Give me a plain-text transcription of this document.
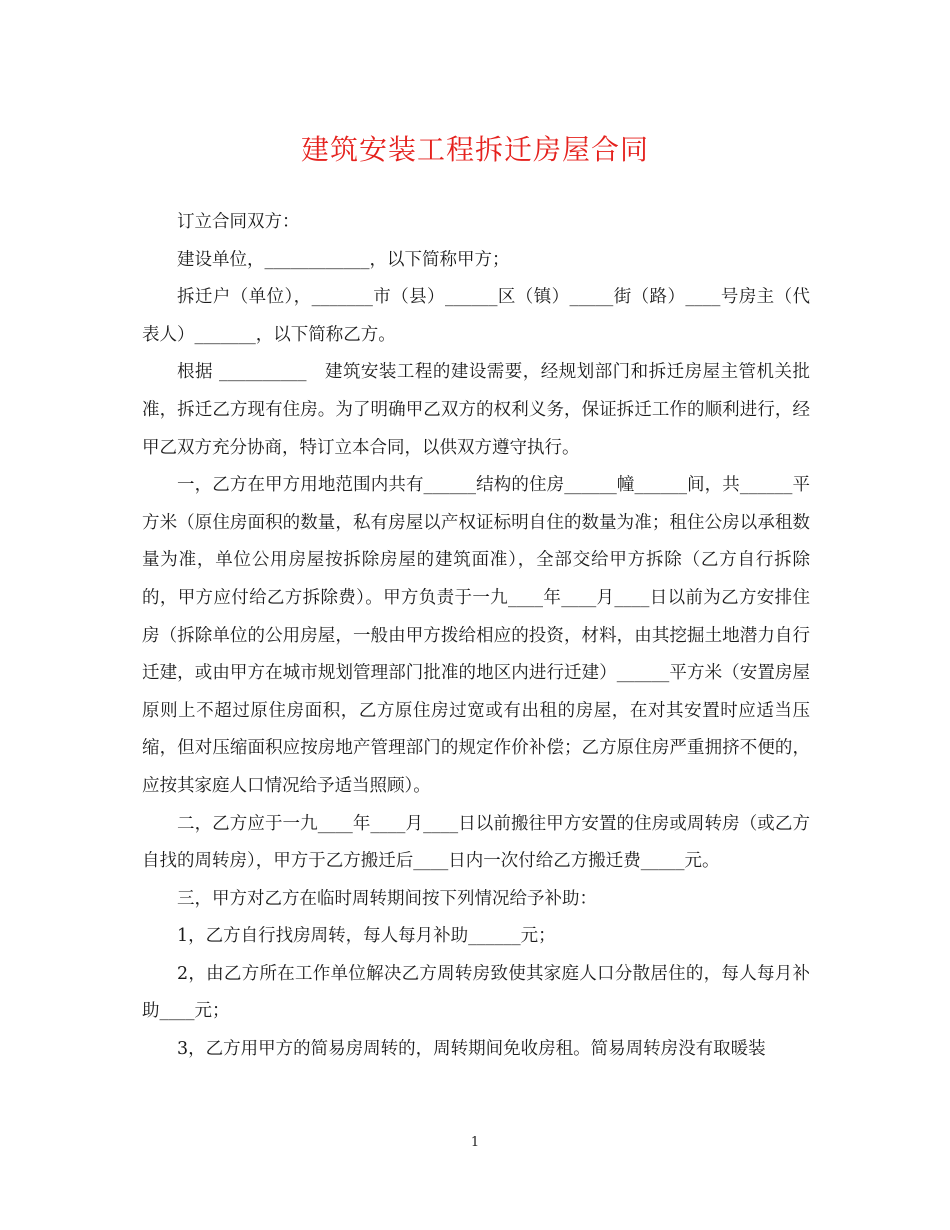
建筑安装工程拆迁房屋合同

订立合同双方：

建设单位，____________，以下简称甲方；

拆迁户（单位），_______市（县）______区（镇）_____街（路）____号房主（代表人）_______，以下简称乙方。

根据 __________　建筑安装工程的建设需要，经规划部门和拆迁房屋主管机关批准，拆迁乙方现有住房。为了明确甲乙双方的权利义务，保证拆迁工作的顺利进行，经甲乙双方充分协商，特订立本合同，以供双方遵守执行。

一，乙方在甲方用地范围内共有______结构的住房______幢______间，共______平方米（原住房面积的数量，私有房屋以产权证标明自住的数量为准；租住公房以承租数量为准，单位公用房屋按拆除房屋的建筑面准），全部交给甲方拆除（乙方自行拆除的，甲方应付给乙方拆除费）。甲方负责于一九____年____月____日以前为乙方安排住房（拆除单位的公用房屋，一般由甲方拨给相应的投资，材料，由其挖掘土地潜力自行迁建，或由甲方在城市规划管理部门批准的地区内进行迁建）______平方米（安置房屋原则上不超过原住房面积，乙方原住房过宽或有出租的房屋，在对其安置时应适当压缩，但对压缩面积应按房地产管理部门的规定作价补偿；乙方原住房严重拥挤不便的，应按其家庭人口情况给予适当照顾）。

二，乙方应于一九____年____月____日以前搬往甲方安置的住房或周转房（或乙方自找的周转房），甲方于乙方搬迁后____日内一次付给乙方搬迁费_____元。

三，甲方对乙方在临时周转期间按下列情况给予补助：

1，乙方自行找房周转，每人每月补助______元；

2，由乙方所在工作单位解决乙方周转房致使其家庭人口分散居住的，每人每月补助____元；

3，乙方用甲方的简易房周转的，周转期间免收房租。简易周转房没有取暖装

1
